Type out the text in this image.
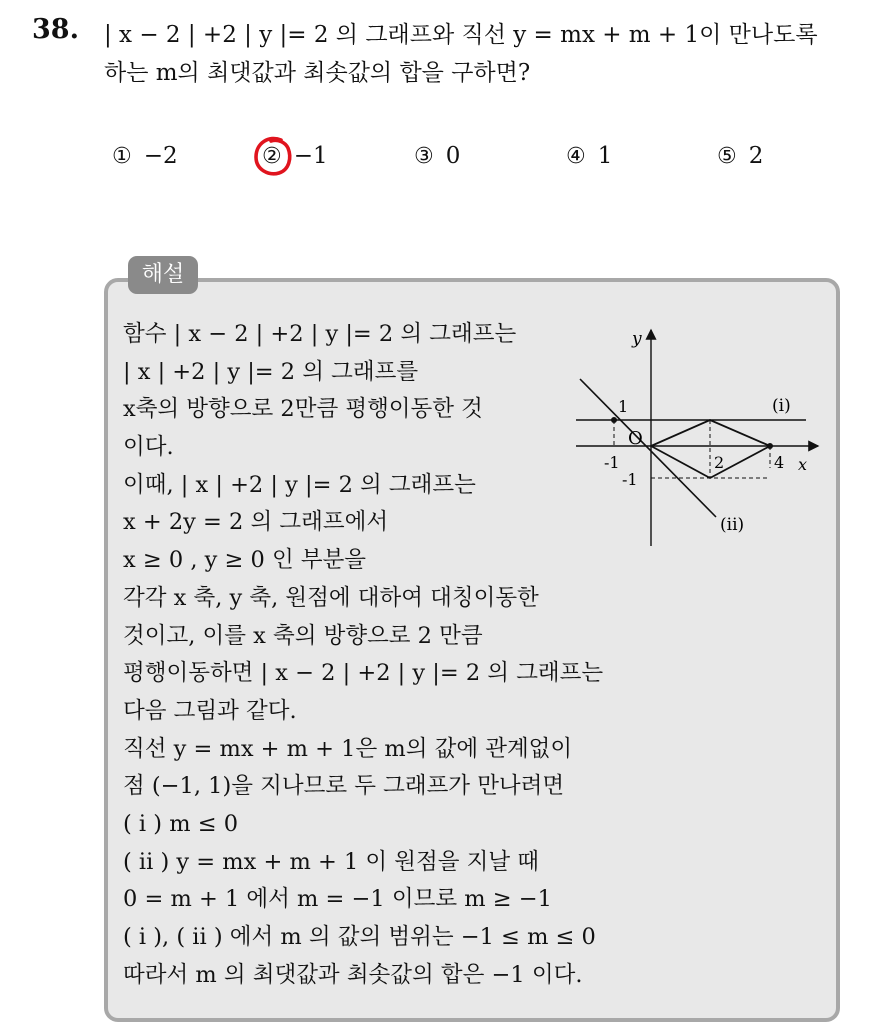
38. | x − 2 | +2 | y |= 2 의 그래프와 직선 y = mx + m + 1이 만나도록
하는 m의 최댓값과 최솟값의 합을 구하면?
① −2	② −1	③ 0	④ 1	⑤ 2
해설
함수 | x − 2 | +2 | y |= 2 의 그래프는
| x | +2 | y |= 2 의 그래프를
x축의 방향으로 2만큼 평행이동한 것
이다.
이때, | x | +2 | y |= 2 의 그래프는
x + 2y = 2 의 그래프에서
x ≥ 0 , y ≥ 0 인 부분을
각각 x 축, y 축, 원점에 대하여 대칭이동한
것이고, 이를 x 축의 방향으로 2 만큼
평행이동하면 | x − 2 | +2 | y |= 2 의 그래프는
다음 그림과 같다.
직선 y = mx + m + 1은 m의 값에 관계없이
점 (−1, 1)을 지나므로 두 그래프가 만나려면
( i ) m ≤ 0
( ii ) y = mx + m + 1 이 원점을 지날 때
0 = m + 1 에서 m = −1 이므로 m ≥ −1
( i ), ( ii ) 에서 m 의 값의 범위는 −1 ≤ m ≤ 0
따라서 m 의 최댓값과 최솟값의 합은 −1 이다.
y
x
O
1
-1
-1
2	4
(i)
(ii)
